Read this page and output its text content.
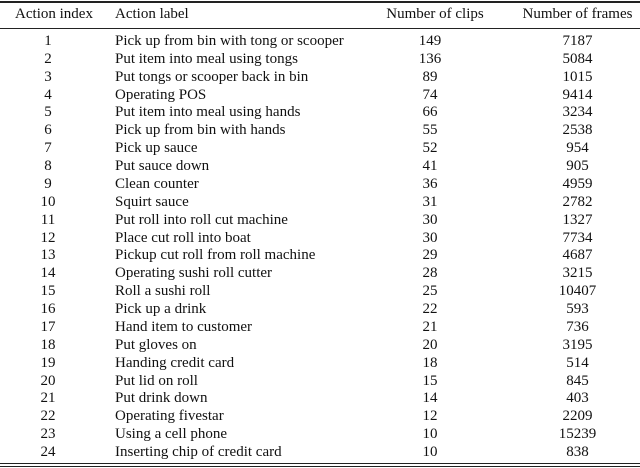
Action index	Action label	Number of clips	Number of frames
1	Pick up from bin with tong or scooper	149	7187
2	Put item into meal using tongs	136	5084
3	Put tongs or scooper back in bin	89	1015
4	Operating POS	74	9414
5	Put item into meal using hands	66	3234
6	Pick up from bin with hands	55	2538
7	Pick up sauce	52	954
8	Put sauce down	41	905
9	Clean counter	36	4959
10	Squirt sauce	31	2782
11	Put roll into roll cut machine	30	1327
12	Place cut roll into boat	30	7734
13	Pickup cut roll from roll machine	29	4687
14	Operating sushi roll cutter	28	3215
15	Roll a sushi roll	25	10407
16	Pick up a drink	22	593
17	Hand item to customer	21	736
18	Put gloves on	20	3195
19	Handing credit card	18	514
20	Put lid on roll	15	845
21	Put drink down	14	403
22	Operating fivestar	12	2209
23	Using a cell phone	10	15239
24	Inserting chip of credit card	10	838
